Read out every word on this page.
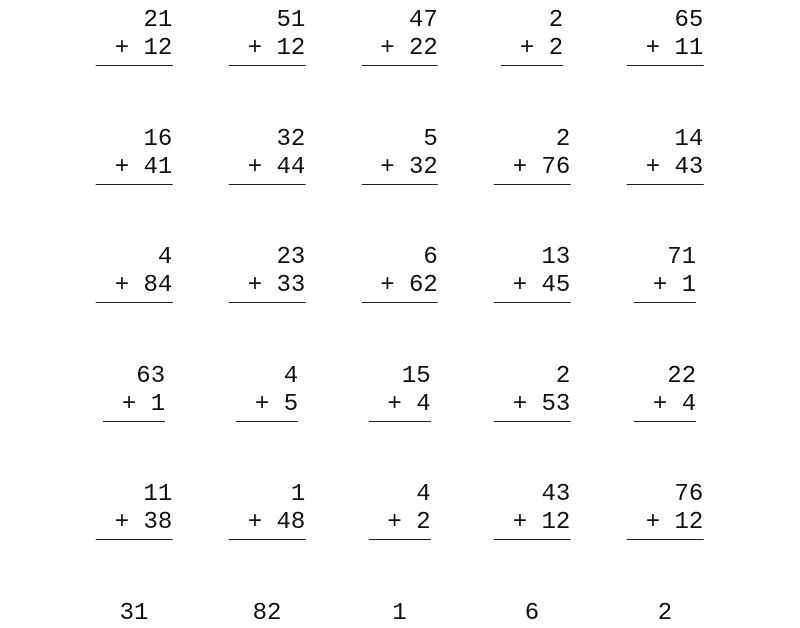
21
+ 12
51
+ 12
47
+ 22
2
+ 2
65
+ 11
16
+ 41
32
+ 44
5
+ 32
2
+ 76
14
+ 43
4
+ 84
23
+ 33
6
+ 62
13
+ 45
71
+ 1
63
+ 1
4
+ 5
15
+ 4
2
+ 53
22
+ 4
11
+ 38
1
+ 48
4
+ 2
43
+ 12
76
+ 12
31	82	1	6	2
